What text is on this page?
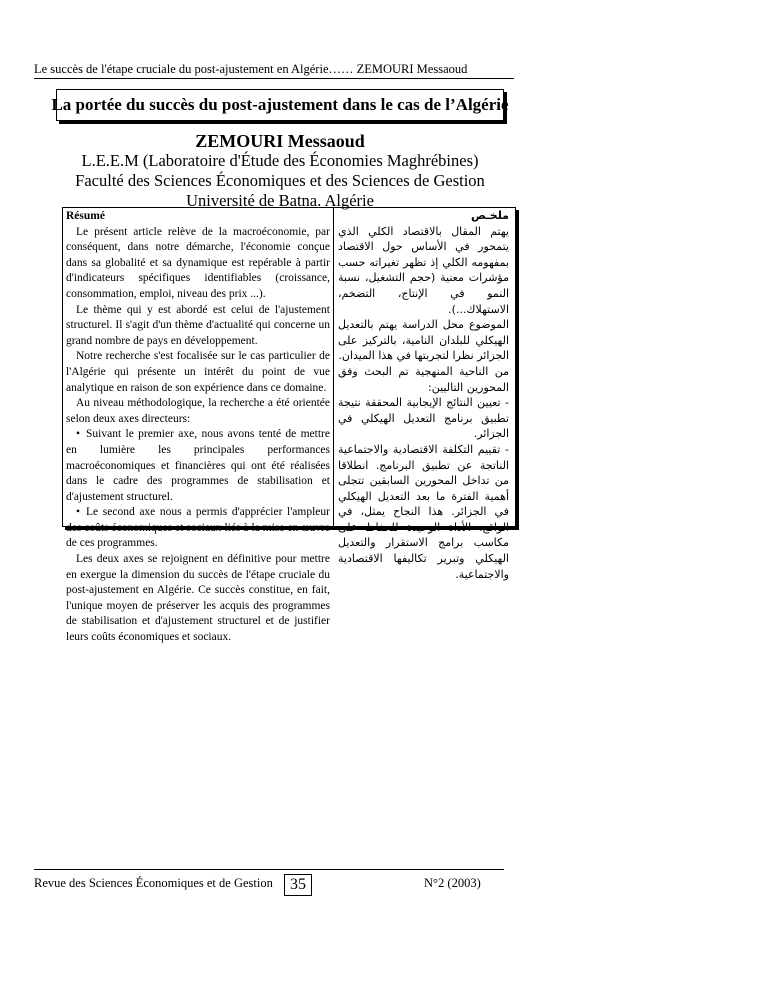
Le succès de l'étape cruciale du post-ajustement en Algérie…… ZEMOURI Messaoud
La portée du succès du post-ajustement dans le cas de l’Algérie
ZEMOURI Messaoud
L.E.E.M (Laboratoire d'Étude des Économies Maghrébines)
Faculté des Sciences Économiques et des Sciences de Gestion
Université de Batna. Algérie
Résumé

Le présent article relève de la macroéconomie, par conséquent, dans notre démarche, l'économie conçue dans sa globalité et sa dynamique est repérable à partir d'indicateurs spécifiques identifiables (croissance, consommation, emploi, niveau des prix ...).

Le thème qui y est abordé est celui de l'ajustement structurel. Il s'agit d'un thème d'actualité qui concerne un grand nombre de pays en développement.

Notre recherche s'est focalisée sur le cas particulier de l'Algérie qui présente un intérêt du point de vue analytique en raison de son expérience dans ce domaine.

Au niveau méthodologique, la recherche a été orientée selon deux axes directeurs:

• Suivant le premier axe, nous avons tenté de mettre en lumière les principales performances macroéconomiques et financières qui ont été réalisées dans le cadre des programmes de stabilisation et d'ajustement structurel.
• Le second axe nous a permis d'apprécier l'ampleur des coûts économiques et sociaux liés à la mise en œuvre de ces programmes.

Les deux axes se rejoignent en définitive pour mettre en exergue la dimension du succès de l'étape cruciale du post-ajustement en Algérie. Ce succès constitue, en fait, l'unique moyen de préserver les acquis des programmes de stabilisation et d'ajustement structurel et de justifier leurs coûts économiques et sociaux.

ملخـص

يهتم المقال بالاقتصاد الكلي الذي يتمحور في الأساس حول الاقتصاد بمفهومه الكلي إذ تظهر تغيراته حسب مؤشرات معنية (حجم التشغيل، نسبة النمو في الإنتاج، التضخم، الاستهلاك...).

الموضوع محل الدراسة يهتم بالتعديل الهيكلي للبلدان النامية، بالتركيز على الجزائر نظرا لتجربتها في هذا الميدان.

من الناحية المنهجية تم البحث وفق المحورين التاليين:

- تعيين النتائج الإيجابية المحققة نتيجة تطبيق برنامج التعديل الهيكلي في الجزائر.

- تقييم التكلفة الاقتصادية والاجتماعية الناتجة عن تطبيق البرنامج. انطلاقا من تداخل المحورين السابقين تتجلى أهمية الفترة ما بعد التعديل الهيكلي في الجزائر. هذا النجاح يمثل، في الواقع، الأداة الوحيدة للحفاظ على مكاسب برامج الاستقرار والتعديل الهيكلي وتبرير تكاليفها الاقتصادية والاجتماعية.

Revue des Sciences Économiques et de Gestion	35	N°2 (2003)
